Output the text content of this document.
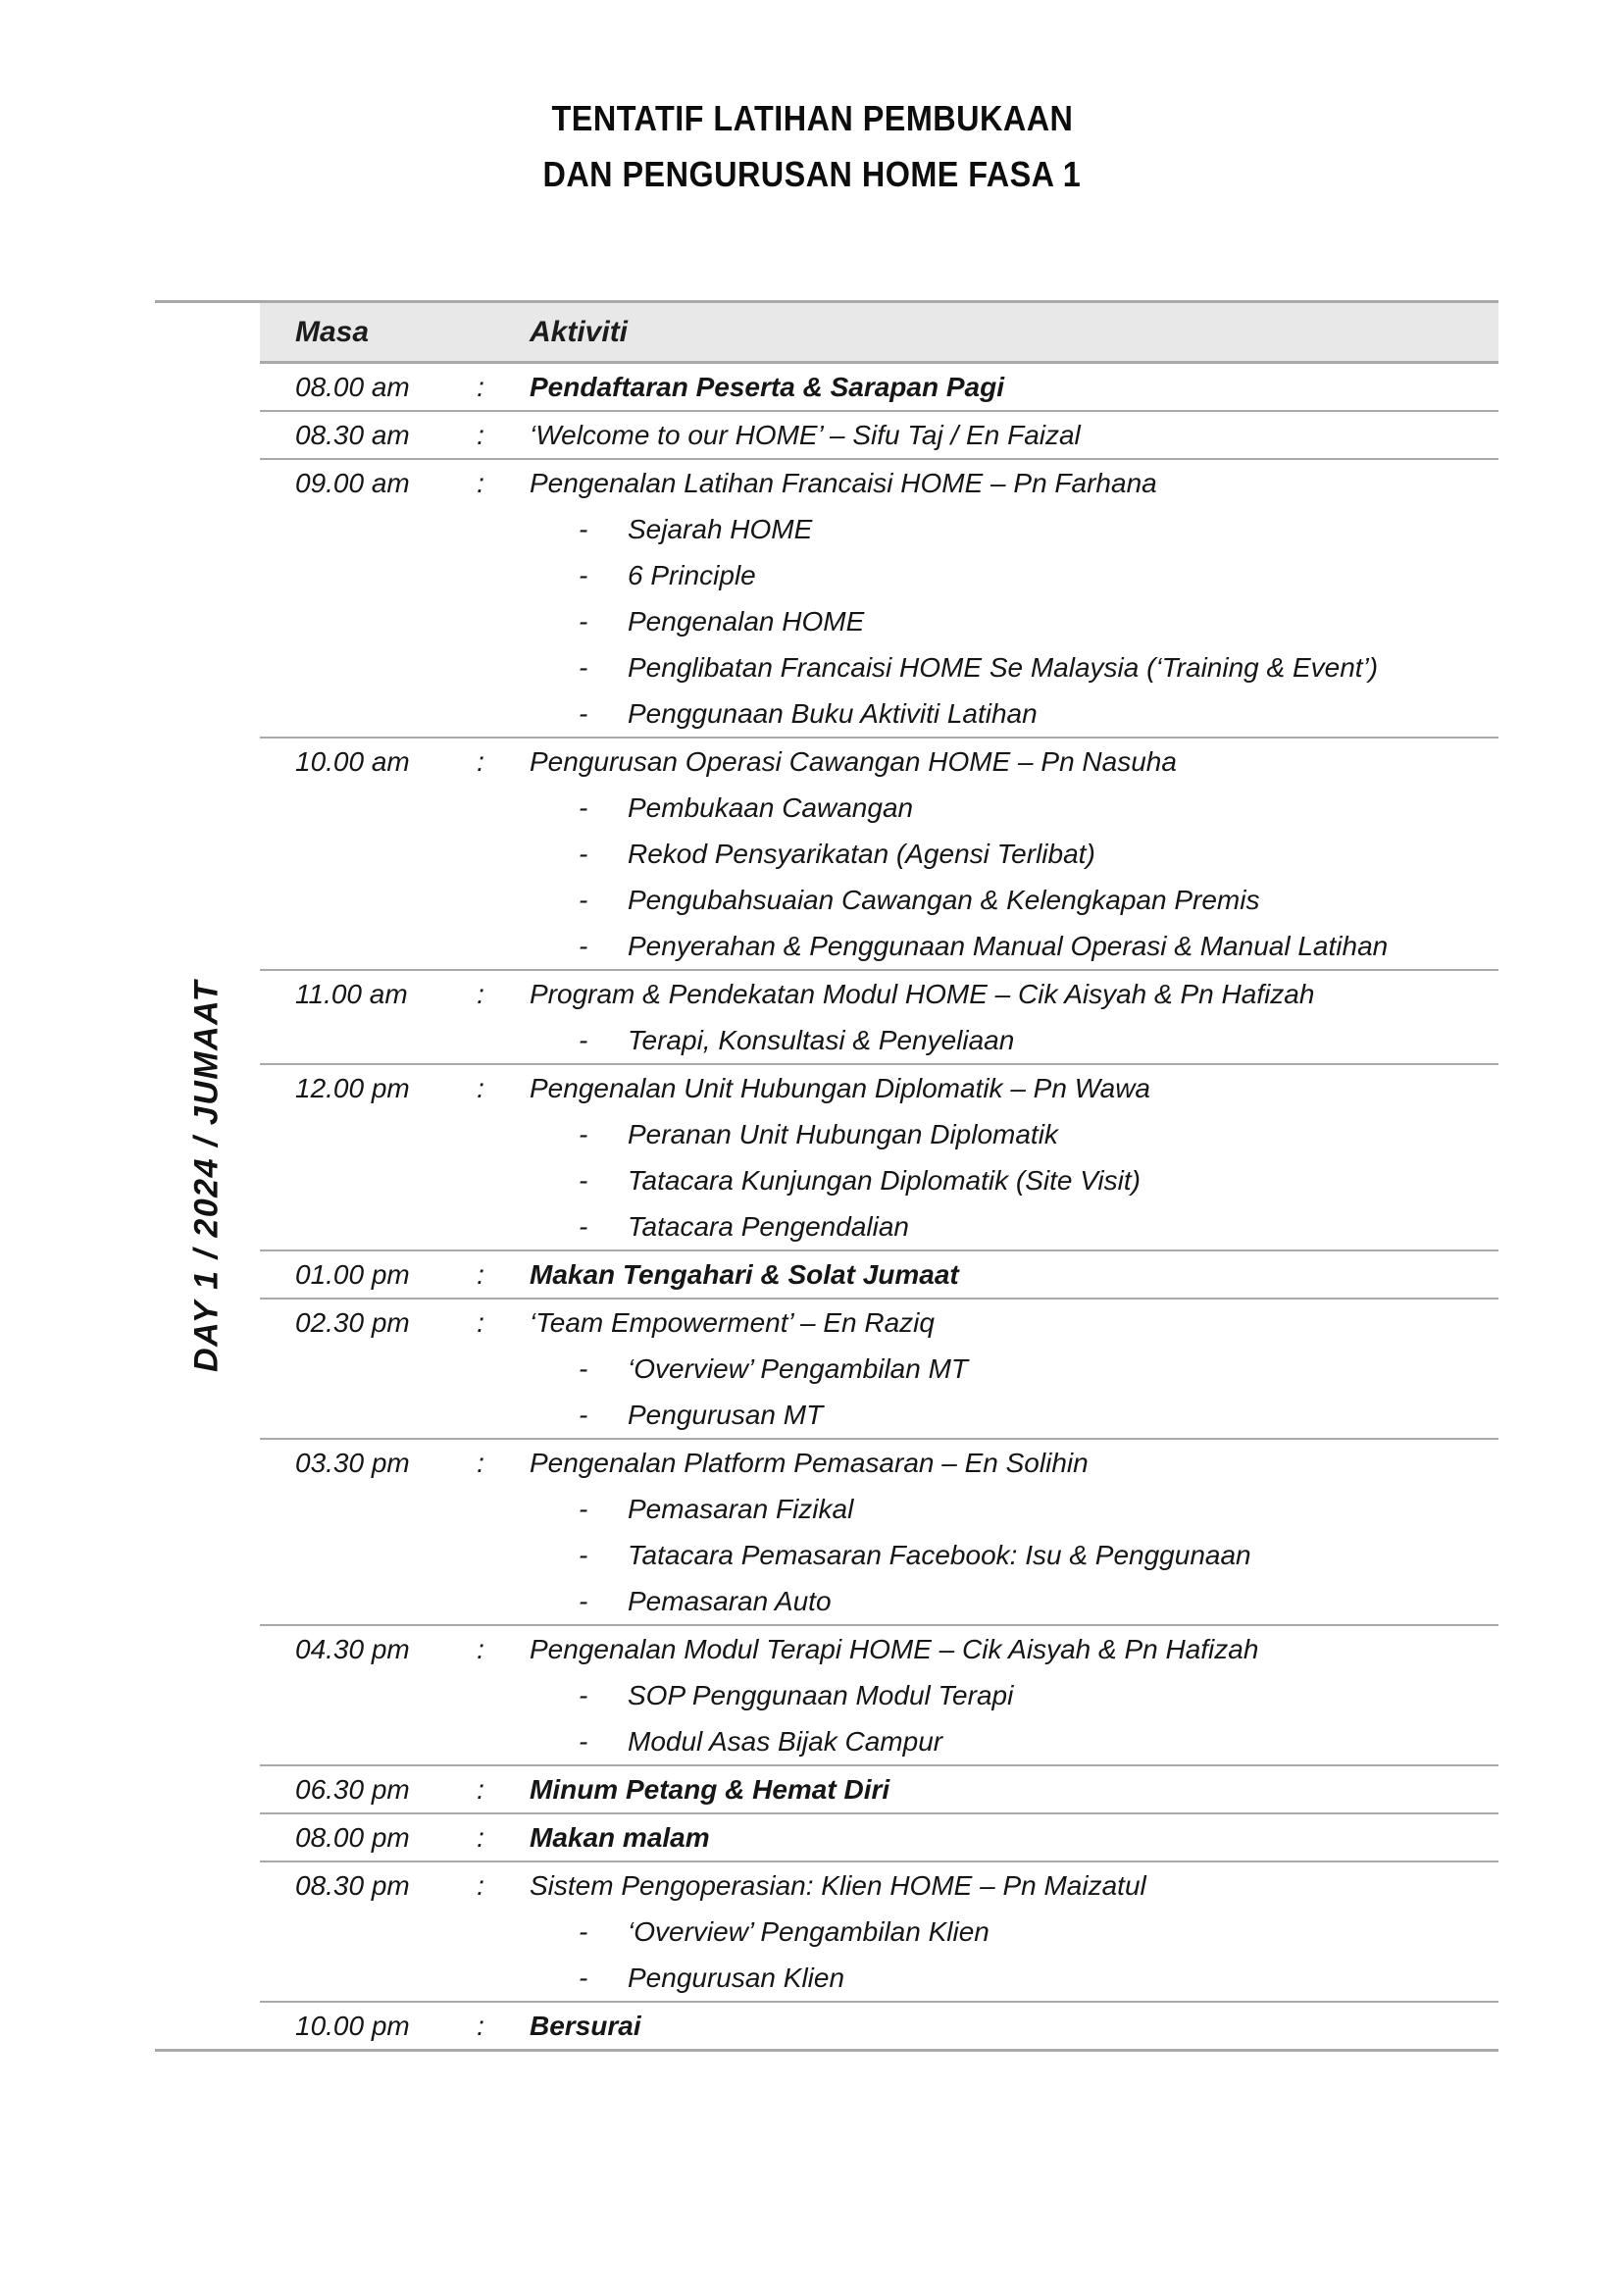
TENTATIF LATIHAN PEMBUKAAN
DAN PENGURUSAN HOME FASA 1
DAY 1 / 2024 / JUMAAT
Masa	Aktiviti
08.00 am	:	Pendaftaran Peserta & Sarapan Pagi
08.30 am	:	‘Welcome to our HOME’ – Sifu Taj / En Faizal
09.00 am	:	Pengenalan Latihan Francaisi HOME – Pn Farhana
-	Sejarah HOME
-	6 Principle
-	Pengenalan HOME
-	Penglibatan Francaisi HOME Se Malaysia (‘Training & Event’)
-	Penggunaan Buku Aktiviti Latihan
10.00 am	:	Pengurusan Operasi Cawangan HOME – Pn Nasuha
-	Pembukaan Cawangan
-	Rekod Pensyarikatan (Agensi Terlibat)
-	Pengubahsuaian Cawangan & Kelengkapan Premis
-	Penyerahan & Penggunaan Manual Operasi & Manual Latihan
11.00 am	:	Program & Pendekatan Modul HOME – Cik Aisyah & Pn Hafizah
-	Terapi, Konsultasi & Penyeliaan
12.00 pm	:	Pengenalan Unit Hubungan Diplomatik – Pn Wawa
-	Peranan Unit Hubungan Diplomatik
-	Tatacara Kunjungan Diplomatik (Site Visit)
-	Tatacara Pengendalian
01.00 pm	:	Makan Tengahari & Solat Jumaat
02.30 pm	:	‘Team Empowerment’ – En Raziq
-	‘Overview’ Pengambilan MT
-	Pengurusan MT
03.30 pm	:	Pengenalan Platform Pemasaran – En Solihin
-	Pemasaran Fizikal
-	Tatacara Pemasaran Facebook: Isu & Penggunaan
-	Pemasaran Auto
04.30 pm	:	Pengenalan Modul Terapi HOME – Cik Aisyah & Pn Hafizah
-	SOP Penggunaan Modul Terapi
-	Modul Asas Bijak Campur
06.30 pm	:	Minum Petang & Hemat Diri
08.00 pm	:	Makan malam
08.30 pm	:	Sistem Pengoperasian: Klien HOME – Pn Maizatul
-	‘Overview’ Pengambilan Klien
-	Pengurusan Klien
10.00 pm	:	Bersurai
